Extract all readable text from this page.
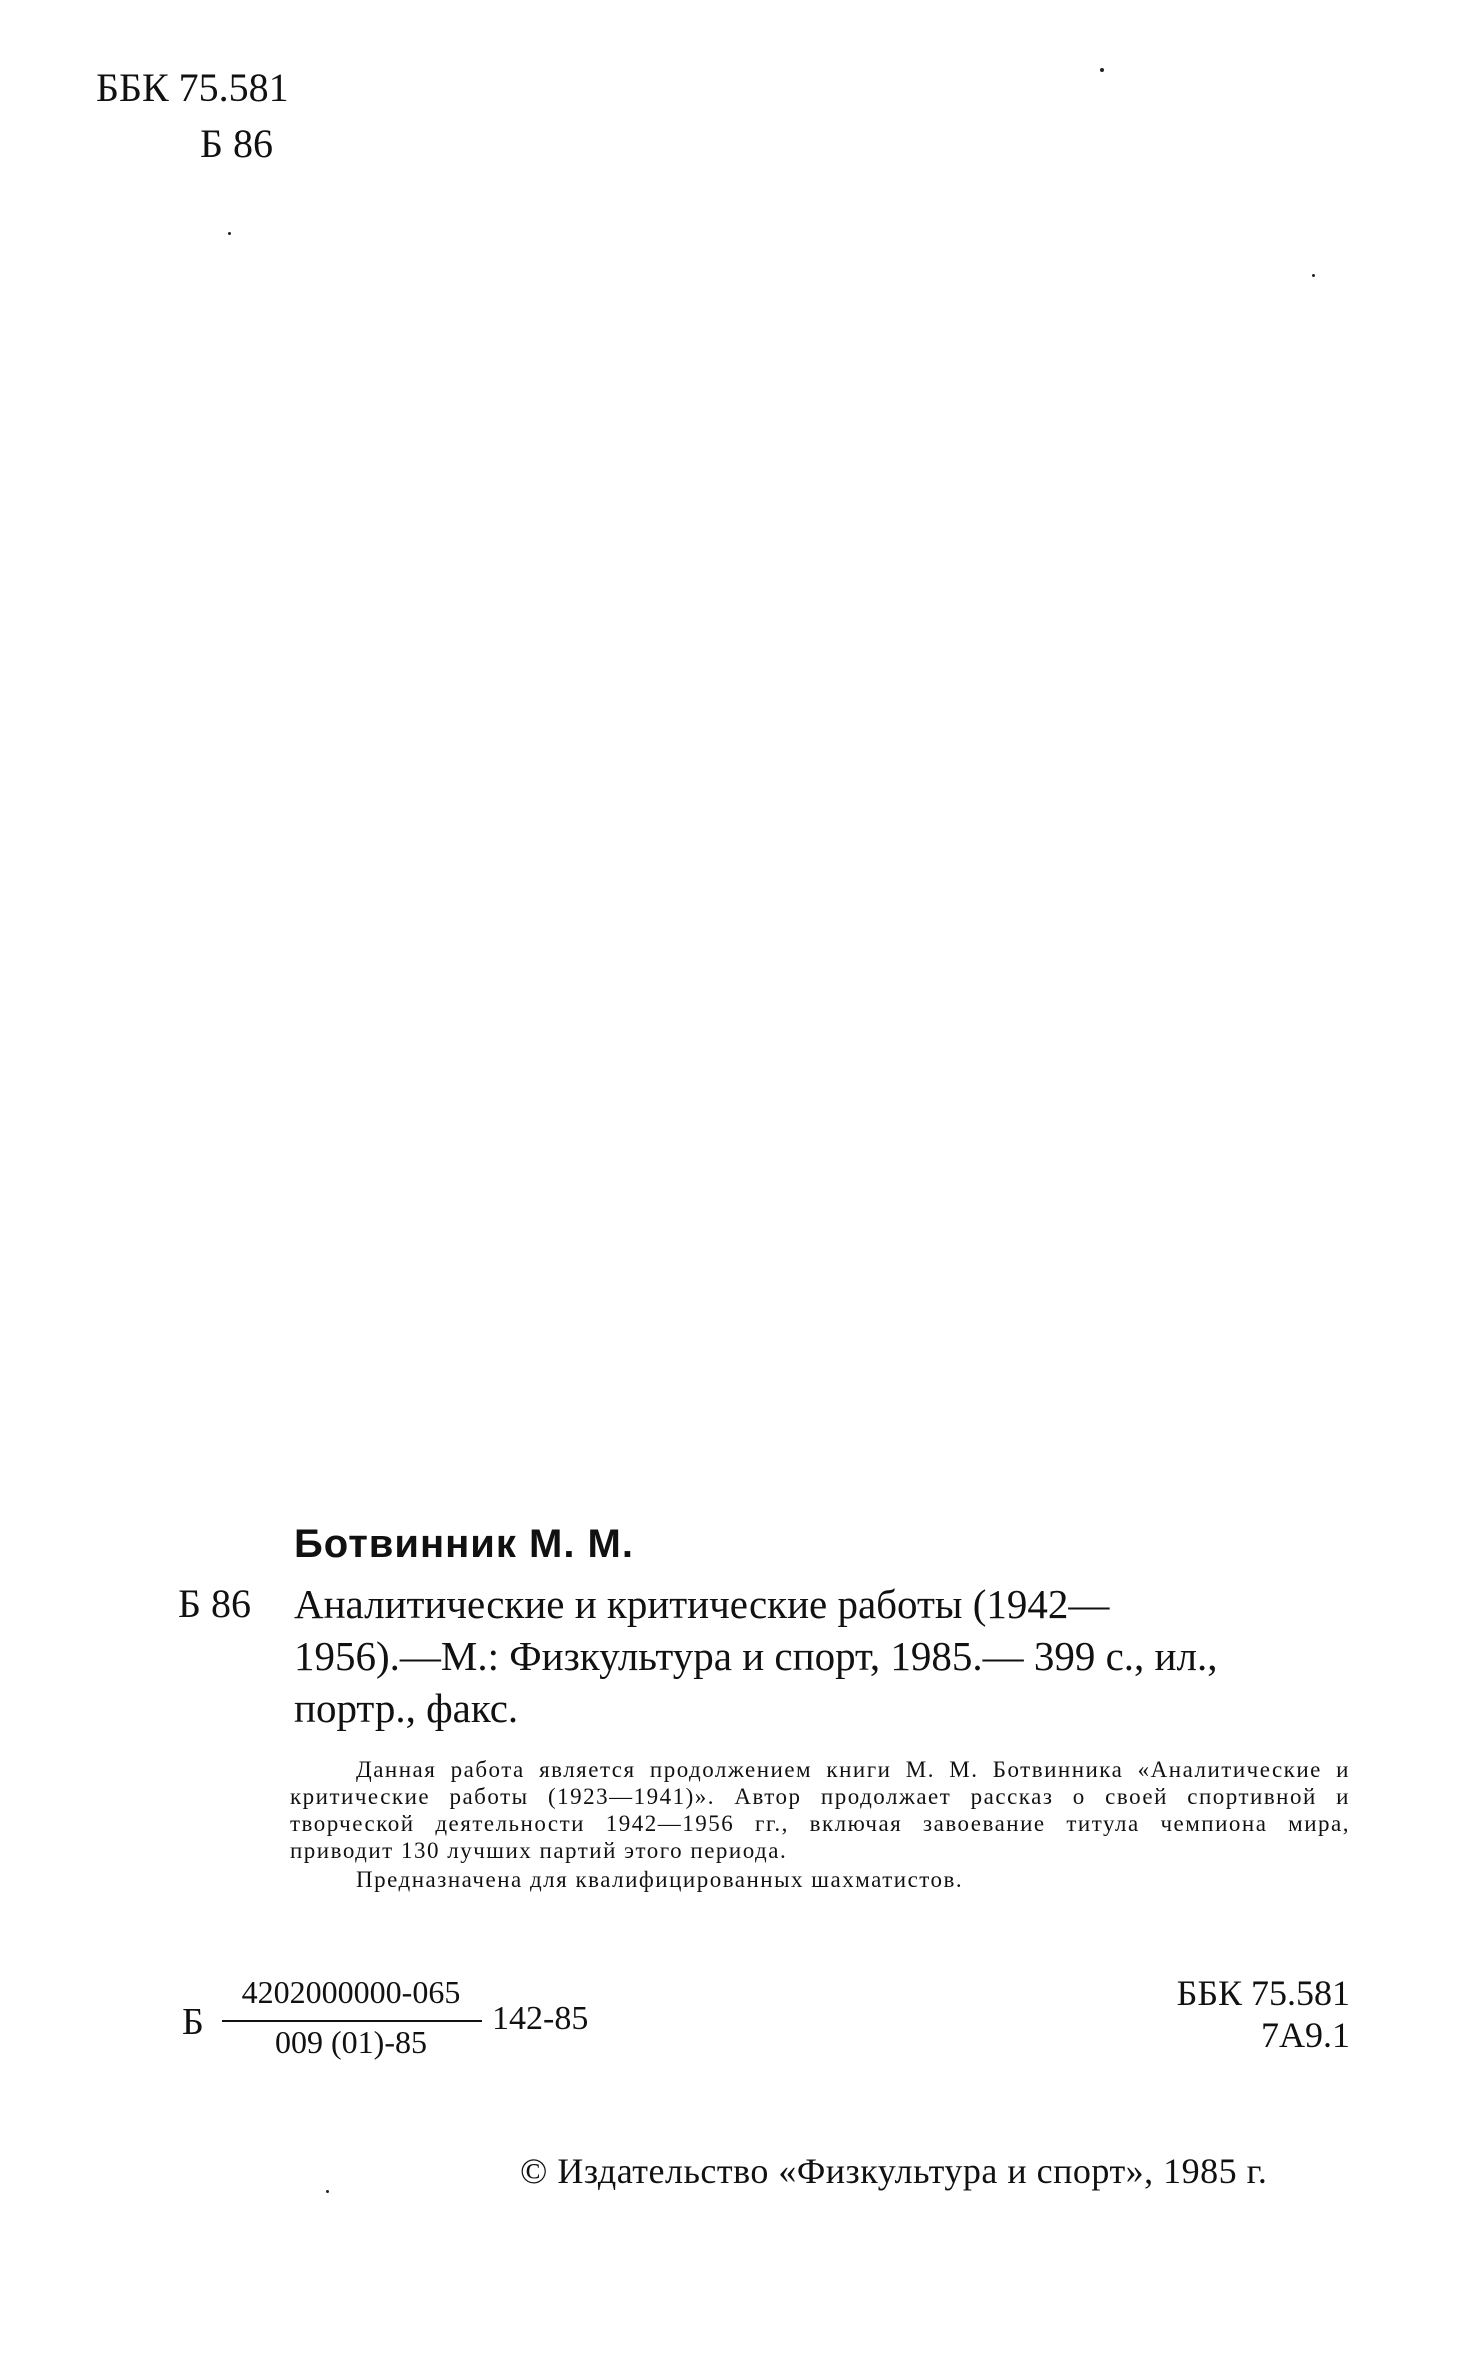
ББК 75.581
Б 86
Ботвинник М. М.
Б 86 Аналитические и критические работы (1942—
1956).—М.: Физкультура и спорт, 1985.— 399 с., ил.,
портр., факс.

Данная работа является продолжением книги М. М. Ботвинника «Аналитические и критические работы (1923—1941)». Автор продолжает рассказ о своей спортивной и творческой деятельности 1942—1956 гг., включая завоевание титула чемпиона мира, приводит 130 лучших партий этого периода.

Предназначена для квалифицированных шахматистов.

Б
4202000000-065
009 (01)-85
142-85
ББК 75.581
7А9.1
© Издательство «Физкультура и спорт», 1985 г.
